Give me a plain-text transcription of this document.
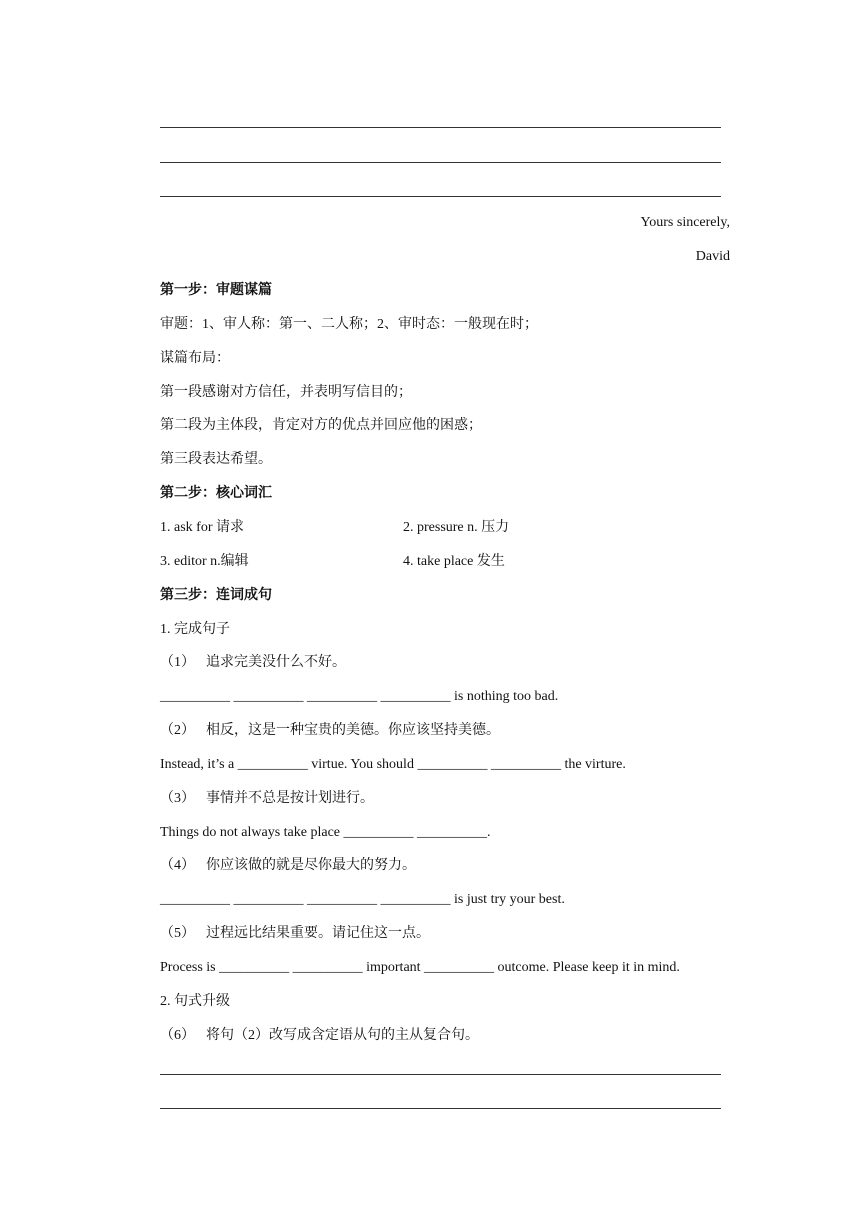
Yours sincerely,
David
第一步：审题谋篇
审题：1、审人称：第一、二人称；2、审时态：一般现在时；
谋篇布局：
第一段感谢对方信任，并表明写信目的；
第二段为主体段，肯定对方的优点并回应他的困惑；
第三段表达希望。
第二步：核心词汇
1. ask for 请求	2. pressure n. 压力
3. editor n.编辑	4. take place 发生
第三步：连词成句
1. 完成句子
（1） 追求完美没什么不好。
__________ __________ __________ __________ is nothing too bad.
（2） 相反，这是一种宝贵的美德。你应该坚持美德。
Instead, it’s a __________ virtue. You should __________ __________ the virture.
（3） 事情并不总是按计划进行。
Things do not always take place __________ __________.
（4） 你应该做的就是尽你最大的努力。
__________ __________ __________ __________ is just try your best.
（5） 过程远比结果重要。请记住这一点。
Process is __________ __________ important __________ outcome. Please keep it in mind.
2. 句式升级
（6） 将句（2）改写成含定语从句的主从复合句。
